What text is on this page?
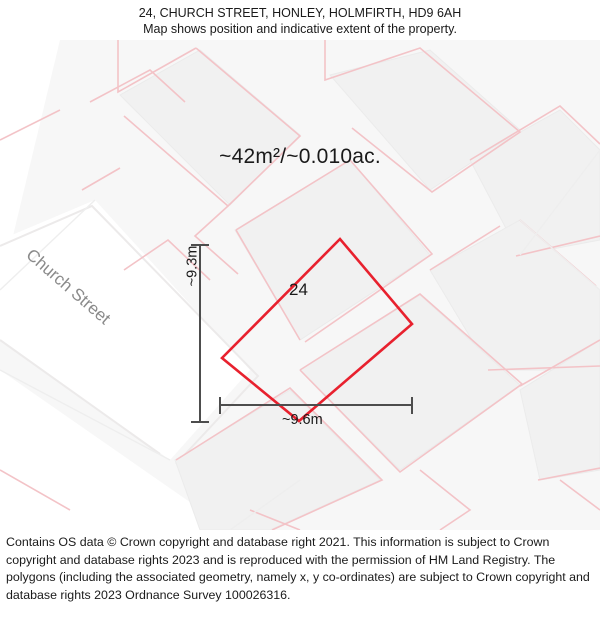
24, CHURCH STREET, HONLEY, HOLMFIRTH, HD9 6AH
Map shows position and indicative extent of the property.
~42m²/~0.010ac.
24
Church Street	~9.3m
~9.6m
Contains OS data © Crown copyright and database right 2021. This information is subject to Crown copyright and database rights 2023 and is reproduced with the permission of HM Land Registry. The polygons (including the associated geometry, namely x, y co-ordinates) are subject to Crown copyright and database rights 2023 Ordnance Survey 100026316.
